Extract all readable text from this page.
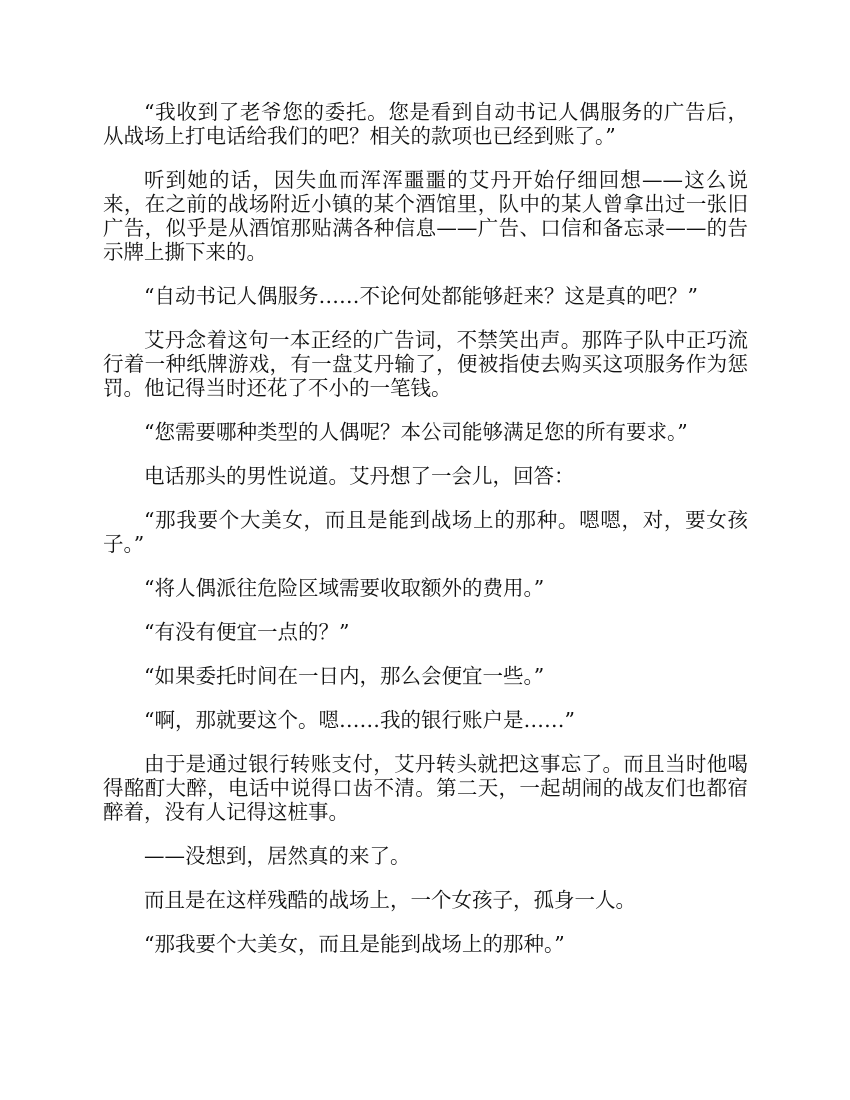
“我收到了老爷您的委托。您是看到自动书记人偶服务的广告后，从战场上打电话给我们的吧？相关的款项也已经到账了。”

听到她的话，因失血而浑浑噩噩的艾丹开始仔细回想——这么说来，在之前的战场附近小镇的某个酒馆里，队中的某人曾拿出过一张旧广告，似乎是从酒馆那贴满各种信息——广告、口信和备忘录——的告示牌上撕下来的。

“自动书记人偶服务……不论何处都能够赶来？这是真的吧？”

艾丹念着这句一本正经的广告词，不禁笑出声。那阵子队中正巧流行着一种纸牌游戏，有一盘艾丹输了，便被指使去购买这项服务作为惩罚。他记得当时还花了不小的一笔钱。

“您需要哪种类型的人偶呢？本公司能够满足您的所有要求。”

电话那头的男性说道。艾丹想了一会儿，回答：

“那我要个大美女，而且是能到战场上的那种。嗯嗯，对，要女孩子。”

“将人偶派往危险区域需要收取额外的费用。”

“有没有便宜一点的？”

“如果委托时间在一日内，那么会便宜一些。”

“啊，那就要这个。嗯……我的银行账户是……”

由于是通过银行转账支付，艾丹转头就把这事忘了。而且当时他喝得酩酊大醉，电话中说得口齿不清。第二天，一起胡闹的战友们也都宿醉着，没有人记得这桩事。

——没想到，居然真的来了。

而且是在这样残酷的战场上，一个女孩子，孤身一人。

“那我要个大美女，而且是能到战场上的那种。”
